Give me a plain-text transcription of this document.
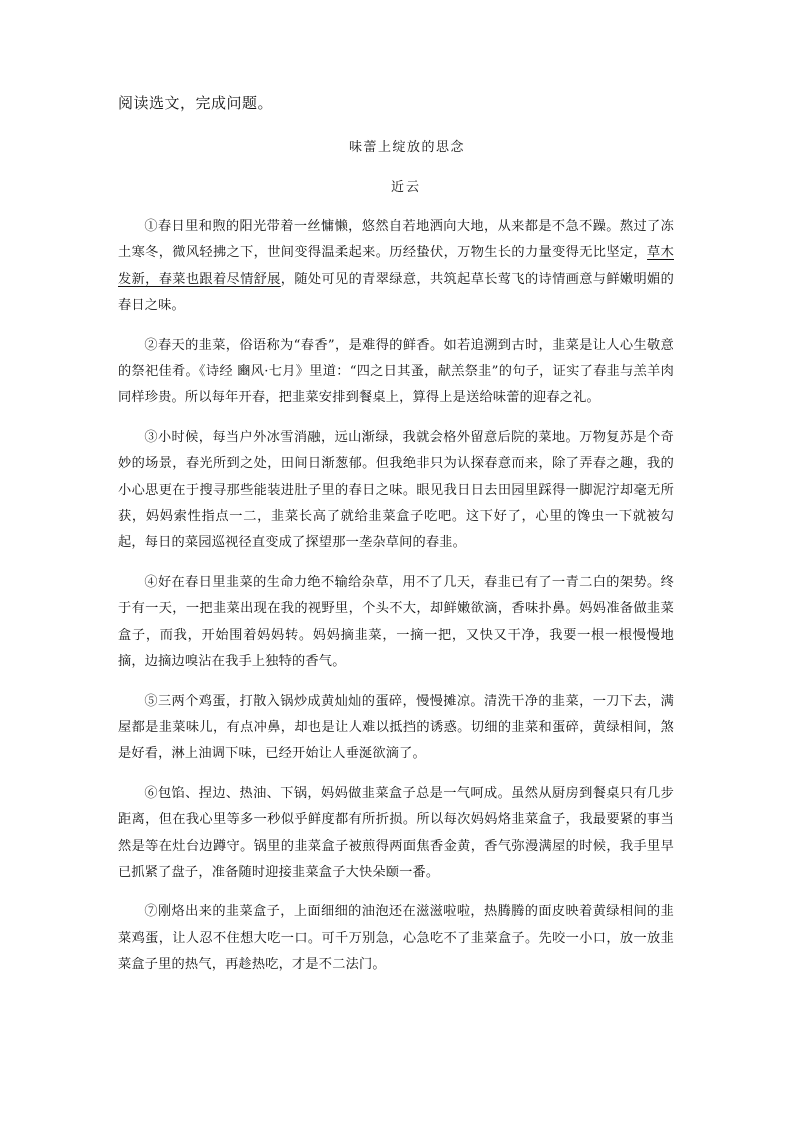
阅读选文，完成问题。
味蕾上绽放的思念
近云

①春日里和煦的阳光带着一丝慵懒，悠然自若地洒向大地，从来都是不急不躁。熬过了冻土寒冬，微风轻拂之下，世间变得温柔起来。历经蛰伏，万物生长的力量变得无比坚定，草木发新，春菜也跟着尽情舒展，随处可见的青翠绿意，共筑起草长莺飞的诗情画意与鲜嫩明媚的春日之味。

②春天的韭菜，俗语称为“春香”，是难得的鲜香。如若追溯到古时，韭菜是让人心生敬意的祭祀佳肴。《诗经 豳风·七月》里道：“四之日其蚤，献羔祭韭”的句子，证实了春韭与羔羊肉同样珍贵。所以每年开春，把韭菜安排到餐桌上，算得上是送给味蕾的迎春之礼。

③小时候，每当户外冰雪消融，远山渐绿，我就会格外留意后院的菜地。万物复苏是个奇妙的场景，春光所到之处，田间日渐葱郁。但我绝非只为认探春意而来，除了弄春之趣，我的小心思更在于搜寻那些能装进肚子里的春日之味。眼见我日日去田园里踩得一脚泥泞却毫无所获，妈妈索性指点一二，韭菜长高了就给韭菜盒子吃吧。这下好了，心里的馋虫一下就被勾起，每日的菜园巡视径直变成了探望那一垄杂草间的春韭。

④好在春日里韭菜的生命力绝不输给杂草，用不了几天，春韭已有了一青二白的架势。终于有一天，一把韭菜出现在我的视野里，个头不大，却鲜嫩欲滴，香味扑鼻。妈妈准备做韭菜盒子，而我，开始围着妈妈转。妈妈摘韭菜，一摘一把，又快又干净，我要一根一根慢慢地摘，边摘边嗅沾在我手上独特的香气。

⑤三两个鸡蛋，打散入锅炒成黄灿灿的蛋碎，慢慢摊凉。清洗干净的韭菜，一刀下去，满屋都是韭菜味儿，有点冲鼻，却也是让人难以抵挡的诱惑。切细的韭菜和蛋碎，黄绿相间，煞是好看，淋上油调下味，已经开始让人垂涎欲滴了。

⑥包馅、捏边、热油、下锅，妈妈做韭菜盒子总是一气呵成。虽然从厨房到餐桌只有几步距离，但在我心里等多一秒似乎鲜度都有所折损。所以每次妈妈烙韭菜盒子，我最要紧的事当然是等在灶台边蹲守。锅里的韭菜盒子被煎得两面焦香金黄，香气弥漫满屋的时候，我手里早已抓紧了盘子，准备随时迎接韭菜盒子大快朵颐一番。

⑦刚烙出来的韭菜盒子，上面细细的油泡还在滋滋啦啦，热腾腾的面皮映着黄绿相间的韭菜鸡蛋，让人忍不住想大吃一口。可千万别急，心急吃不了韭菜盒子。先咬一小口，放一放韭菜盒子里的热气，再趁热吃，才是不二法门。
